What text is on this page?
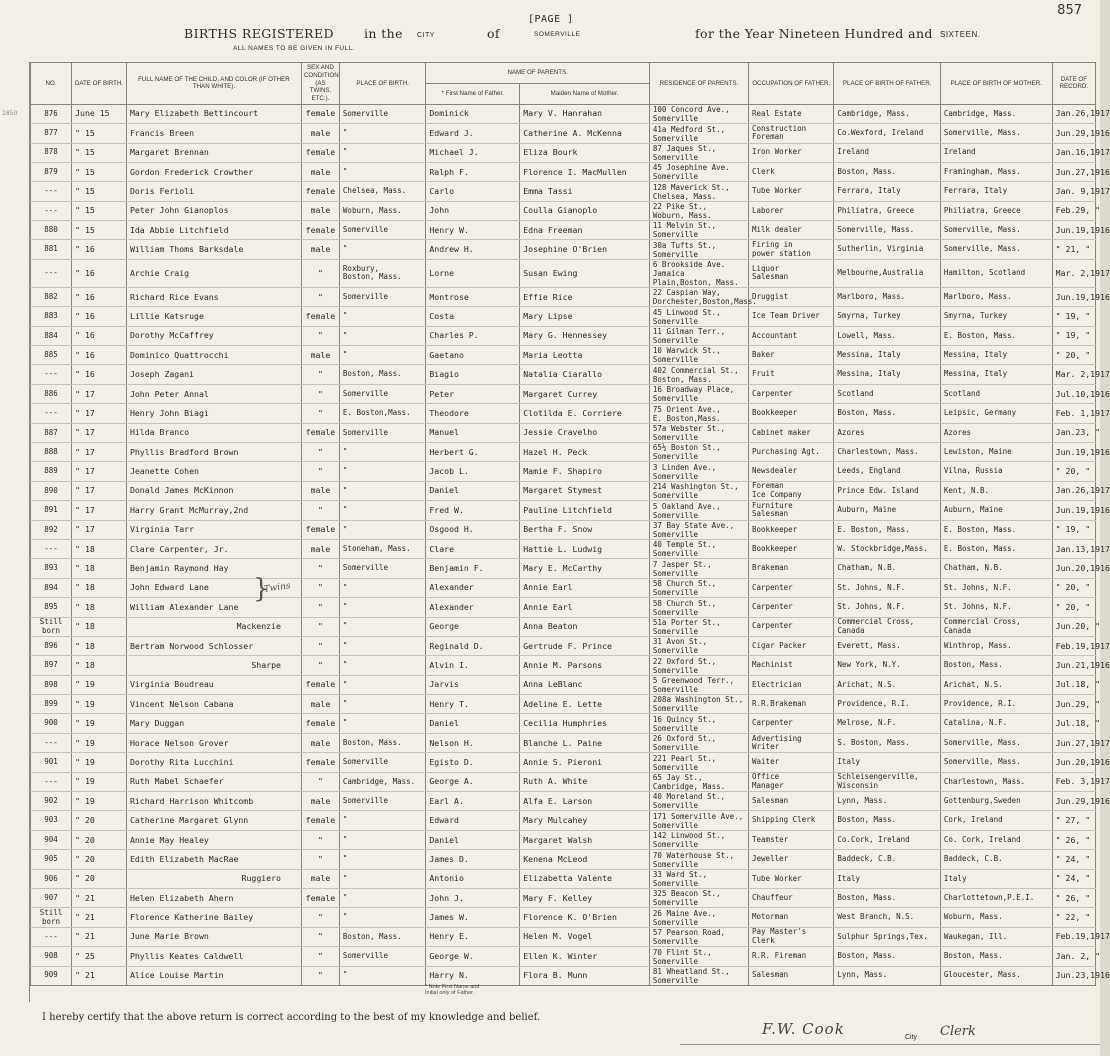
857
BIRTHS REGISTERED in the CITY	of
[PAGE ]
SOMERVILLE	for the Year Nineteen Hundred and SIXTEEN.
ALL NAMES TO BE GIVEN IN FULL.
1850
NO.	DATE OF BIRTH.	FULL NAME OF THE CHILD, AND COLOR (IF OTHER THAN WHITE).	SEX AND CONDITION (AS TWINS, ETC.).	PLACE OF BIRTH.	NAME OF PARENTS.		RESIDENCE OF PARENTS.	OCCUPATION OF FATHER.	PLACE OF BIRTH OF FATHER.	PLACE OF BIRTH OF MOTHER.	DATE OF RECORD.
					* First Name of Father.	Maiden Name of Mother.					
876	June 15	Mary Elizabeth Bettincourt	female	Somerville	Dominick	Mary V. Hanrahan	100 Concord Ave.,
Somerville	Real Estate	Cambridge, Mass.	Cambridge, Mass.	Jan.26,1917
877	" 15	Francis Breen	male	"	Edward J.	Catherine A. McKenna	41a Medford St.,
Somerville	Construction
Foreman	Co.Wexford, Ireland	Somerville, Mass.	Jun.29,1916
878	" 15	Margaret Brennan	female	"	Michael J.	Eliza Bourk	87 Jaques St.,
Somerville	Iron Worker	Ireland	Ireland	Jan.16,1917
879	" 15	Gordon Frederick Crowther	male	"	Ralph F.	Florence I. MacMullen	45 Josephine Ave.
Somerville	Clerk	Boston, Mass.	Framingham, Mass.	Jun.27,1916
---	" 15	Doris Ferioli	female	Chelsea, Mass.	Carlo	Emma Tassi	128 Maverick St.,
Chelsea, Mass.	Tube Worker	Ferrara, Italy	Ferrara, Italy	Jan. 9,1917
---	" 15	Peter John Gianoplos	male	Woburn, Mass.	John	Coulla Gianoplo	22 Pike St.,
Woburn, Mass.	Laborer	Philiatra, Greece	Philiatra, Greece	Feb.29, "
880	" 15	Ida Abbie Litchfield	female	Somerville	Henry W.	Edna Freeman	11 Melvin St.,
Somerville	Milk dealer	Somerville, Mass.	Somerville, Mass.	Jun.19,1916
881	" 16	William Thoms Barksdale	male	"	Andrew H.	Josephine O'Brien	30a Tufts St.,
Somerville	Firing in
power station	Sutherlin, Virginia	Somerville, Mass.	" 21, "
---	" 16	Archie Craig	"	Roxbury,
Boston, Mass.	Lorne	Susan Ewing	6 Brookside Ave.
Jamaica Plain,Boston, Mass.	Liquor
Salesman	Melbourne,Australia	Hamilton, Scotland	Mar. 2,1917
882	" 16	Richard Rice Evans	"	Somerville	Montrose	Effie Rice	22 Caspian Way,
Dorchester,Boston,Mass.	Druggist	Marlboro, Mass.	Marlboro, Mass.	Jun.19,1916
883	" 16	Lillie Katsruge	female	"	Costa	Mary Lipse	45 Linwood St.,
Somerville	Ice Team Driver	Smyrna, Turkey	Smyrna, Turkey	" 19, "
884	" 16	Dorothy McCaffrey	"	"	Charles P.	Mary G. Hennessey	11 Gilman Terr.,
Somerville	Accountant	Lowell, Mass.	E. Boston, Mass.	" 19, "
885	" 16	Dominico Quattrocchi	male	"	Gaetano	Maria Leotta	10 Warwick St.,
Somerville	Baker	Messina, Italy	Messina, Italy	" 20, "
---	" 16	Joseph Zagani	"	Boston, Mass.	Biagio	Natalia Ciarallo	402 Commercial St.,
Boston, Mass.	Fruit	Messina, Italy	Messina, Italy	Mar. 2,1917
886	" 17	John Peter Annal	"	Somerville	Peter	Margaret Currey	16 Broadway Place,
Somerville	Carpenter	Scotland	Scotland	Jul.10,1916
---	" 17	Henry John Biagi	"	E. Boston,Mass.	Theodore	Clotilda E. Corriere	75 Orient Ave.,
E. Boston,Mass.	Bookkeeper	Boston, Mass.	Leipsic, Germany	Feb. 1,1917
887	" 17	Hilda Branco	female	Somerville	Manuel	Jessie Cravelho	57a Webster St.,
Somerville	Cabinet maker	Azores	Azores	Jan.23, "
888	" 17	Phyllis Bradford Brown	"	"	Herbert G.	Hazel H. Peck	65½ Boston St.,
Somerville	Purchasing Agt.	Charlestown, Mass.	Lewiston, Maine	Jun.19,1916
889	" 17	Jeanette Cohen	"	"	Jacob L.	Mamie F. Shapiro	3 Linden Ave.,
Somerville	Newsdealer	Leeds, England	Vilna, Russia	" 20, "
890	" 17	Donald James McKinnon	male	"	Daniel	Margaret Stymest	214 Washington St.,
Somerville	Foreman
Ice Company	Prince Edw. Island	Kent, N.B.	Jan.26,1917
891	" 17	Harry Grant McMurray,2nd	"	"	Fred W.	Pauline Litchfield	5 Oakland Ave.,
Somerville	Furniture
Salesman	Auburn, Maine	Auburn, Maine	Jun.19,1916
892	" 17	Virginia Tarr	female	"	Osgood H.	Bertha F. Snow	37 Bay State Ave.,
Somerville	Bookkeeper	E. Boston, Mass.	E. Boston, Mass.	" 19, "
---	" 18	Clare Carpenter, Jr.	male	Stoneham, Mass.	Clare	Hattie L. Ludwig	40 Temple St.,
Somerville	Bookkeeper	W. Stockbridge,Mass.	E. Boston, Mass.	Jan.13,1917
893	" 18	Benjamin Raymond Hay	"	Somerville	Benjamin F.	Mary E. McCarthy	7 Jasper St.,
Somerville	Brakeman	Chatham, N.B.	Chatham, N.B.	Jun.20,1916
894	" 18	John Edward Lane	"	"	Alexander	Annie Earl	58 Church St.,
Somerville	Carpenter	St. Johns, N.F.	St. Johns, N.F.	" 20, "
895	" 18	William Alexander Lane	"	"	Alexander	Annie Earl	58 Church St.,
Somerville	Carpenter	St. Johns, N.F.	St. Johns, N.F.	" 20, "
Still
born	" 18	Mackenzie	"	"	George	Anna Beaton	51a Porter St.,
Somerville	Carpenter	Commercial Cross,
Canada	Commercial Cross,
Canada	Jun.20, "
896	" 18	Bertram Norwood Schlosser	"	"	Reginald D.	Gertrude F. Prince	31 Avon St.,
Somerville	Cigar Packer	Everett, Mass.	Winthrop, Mass.	Feb.19,1917
897	" 18	Sharpe	"	"	Alvin I.	Annie M. Parsons	22 Oxford St.,
Somerville	Machinist	New York, N.Y.	Boston, Mass.	Jun.21,1916
898	" 19	Virginia Boudreau	female	"	Jarvis	Anna LeBlanc	5 Greenwood Terr.,
Somerville	Electrician	Arichat, N.S.	Arichat, N.S.	Jul.18, "
899	" 19	Vincent Nelson Cabana	male	"	Henry T.	Adeline E. Lette	208a Washington St.,
Somerville	R.R.Brakeman	Providence, R.I.	Providence, R.I.	Jun.29, "
900	" 19	Mary Duggan	female	"	Daniel	Cecilia Humphries	16 Quincy St.,
Somerville	Carpenter	Melrose, N.F.	Catalina, N.F.	Jul.18, "
---	" 19	Horace Nelson Grover	male	Boston, Mass.	Nelson H.	Blanche L. Paine	26 Oxford St.,
Somerville	Advertising
Writer	S. Boston, Mass.	Somerville, Mass.	Jun.27,1917
901	" 19	Dorothy Rita Lucchini	female	Somerville	Egisto D.	Annie S. Pieroni	221 Pearl St.,
Somerville	Waiter	Italy	Somerville, Mass.	Jun.20,1916
---	" 19	Ruth Mabel Schaefer	"	Cambridge, Mass.	George A.	Ruth A. White	65 Jay St.,
Cambridge, Mass.	Office
Manager	Schleisengerville,
Wisconsin	Charlestown, Mass.	Feb. 3,1917
902	" 19	Richard Harrison Whitcomb	male	Somerville	Earl A.	Alfa E. Larson	40 Moreland St.,
Somerville	Salesman	Lynn, Mass.	Gottenburg,Sweden	Jun.29,1916
903	" 20	Catherine Margaret Glynn	female	"	Edward	Mary Mulcahey	171 Somerville Ave.,
Somerville	Shipping Clerk	Boston, Mass.	Cork, Ireland	" 27, "
904	" 20	Annie May Healey	"	"	Daniel	Margaret Walsh	142 Linwood St.,
Somerville	Teamster	Co.Cork, Ireland	Co. Cork, Ireland	" 26, "
905	" 20	Edith Elizabeth MacRae	"	"	James D.	Kenena McLeod	70 Waterhouse St.,
Somerville	Jeweller	Baddeck, C.B.	Baddeck, C.B.	" 24, "
906	" 20	Ruggiero	male	"	Antonio	Elizabetta Valente	33 Ward St.,
Somerville	Tube Worker	Italy	Italy	" 24, "
907	" 21	Helen Elizabeth Ahern	female	"	John J.	Mary F. Kelley	325 Beacon St.,
Somerville	Chauffeur	Boston, Mass.	Charlottetown,P.E.I.	" 26, "
Still
born	" 21	Florence Katherine Bailey	"	"	James W.	Florence K. O'Brien	26 Maine Ave.,
Somerville	Motorman	West Branch, N.S.	Woburn, Mass.	" 22, "
---	" 21	June Marie Brown	"	Boston, Mass.	Henry E.	Helen M. Vogel	57 Pearson Road,
Somerville	Pay Master's
Clerk	Sulphur Springs,Tex.	Waukegan, Ill.	Feb.19,1917
908	" 25	Phyllis Keates Caldwell	"	Somerville	George W.	Ellen K. Winter	70 Flint St.,
Somerville	R.R. Fireman	Boston, Mass.	Boston, Mass.	Jan. 2, "
909	" 21	Alice Louise Martin	"	"	Harry N.	Flora B. Munn	81 Wheatland St.,
Somerville	Salesman	Lynn, Mass.	Gloucester, Mass.	Jun.23,1916
}
Twins
* Note First Name and
Initial only of Father.
I hereby certify that the above return is correct according to the best of my knowledge and belief.
F.W. Cook	City Clerk
